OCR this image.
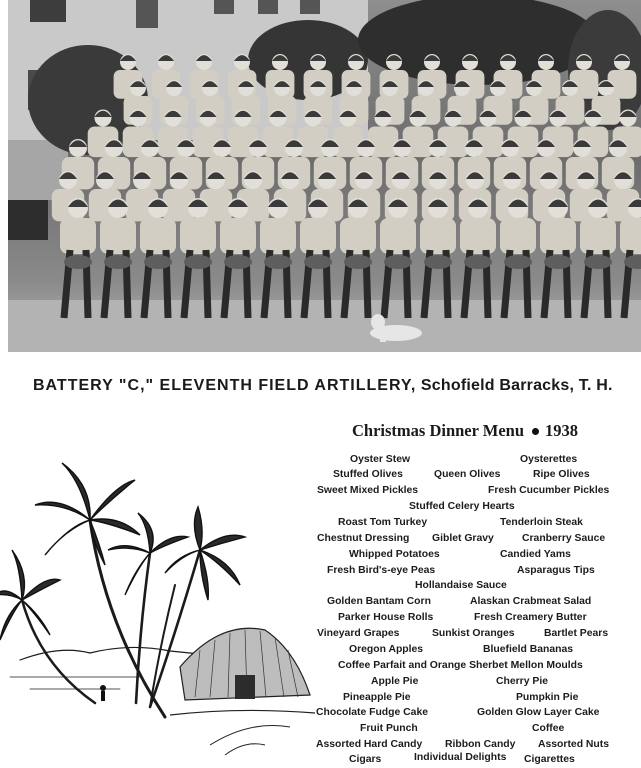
BATTERY "C," ELEVENTH FIELD ARTILLERY, Schofield Barracks, T. H.
Christmas Dinner Menu 1938
Oyster Stew	Oysterettes
Stuffed Olives	Queen Olives	Ripe Olives
Sweet Mixed Pickles	Fresh Cucumber Pickles
Stuffed Celery Hearts
Roast Tom Turkey	Tenderloin Steak
Chestnut Dressing Giblet Gravy	Cranberry Sauce
Whipped Potatoes	Candied Yams
Fresh Bird's-eye Peas	Asparagus Tips
Hollandaise Sauce
Golden Bantam Corn	Alaskan Crabmeat Salad
Parker House Rolls	Fresh Creamery Butter
Vineyard Grapes	Sunkist Oranges	Bartlet Pears
Oregon Apples	Bluefield Bananas
Coffee Parfait and Orange Sherbet Mellon Moulds
Apple Pie	Cherry Pie
Pineapple Pie	Pumpkin Pie
Chocolate Fudge Cake	Golden Glow Layer Cake
Fruit Punch	Coffee
Assorted Hard Candy Ribbon Candy Assorted Nuts
Individual Delights
Cigars	Cigarettes
